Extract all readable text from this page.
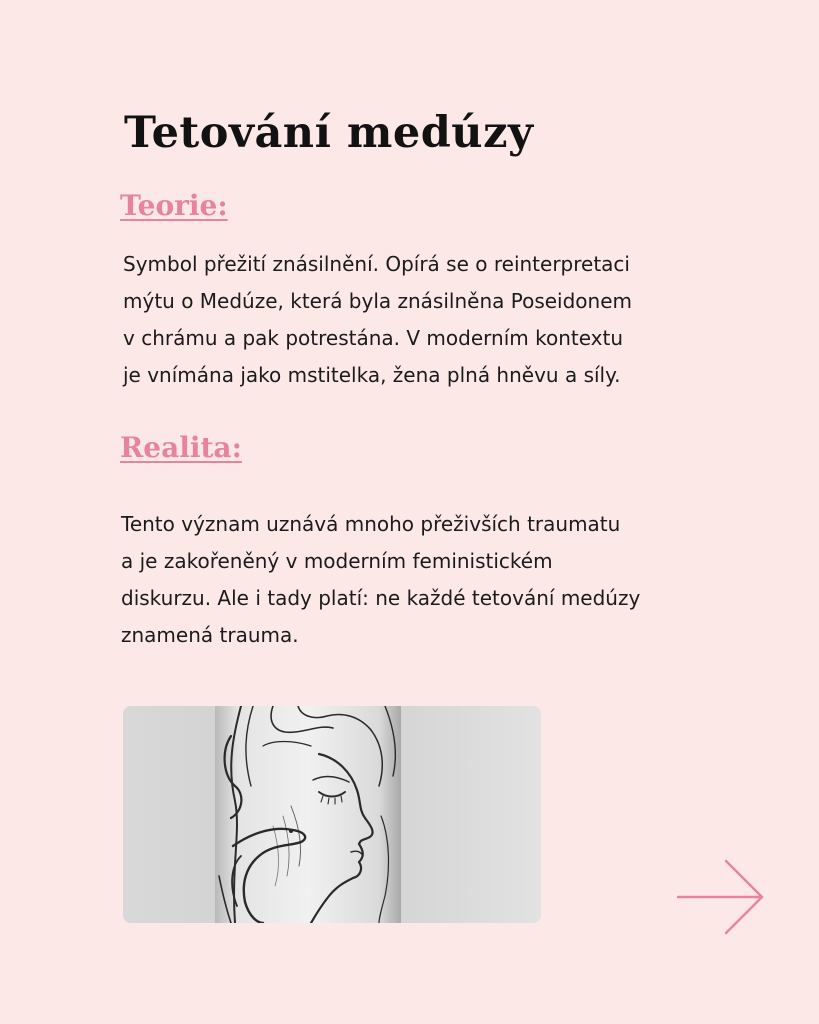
Tetování medúzy
Teorie:

Symbol přežití znásilnění. Opírá se o reinterpretaci
mýtu o Medúze, která byla znásilněna Poseidonem
v chrámu a pak potrestána. V moderním kontextu
je vnímána jako mstitelka, žena plná hněvu a síly.

Realita:

Tento význam uznává mnoho přeživších traumatu
a je zakořeněný v moderním feministickém
diskurzu. Ale i tady platí: ne každé tetování medúzy
znamená trauma.
